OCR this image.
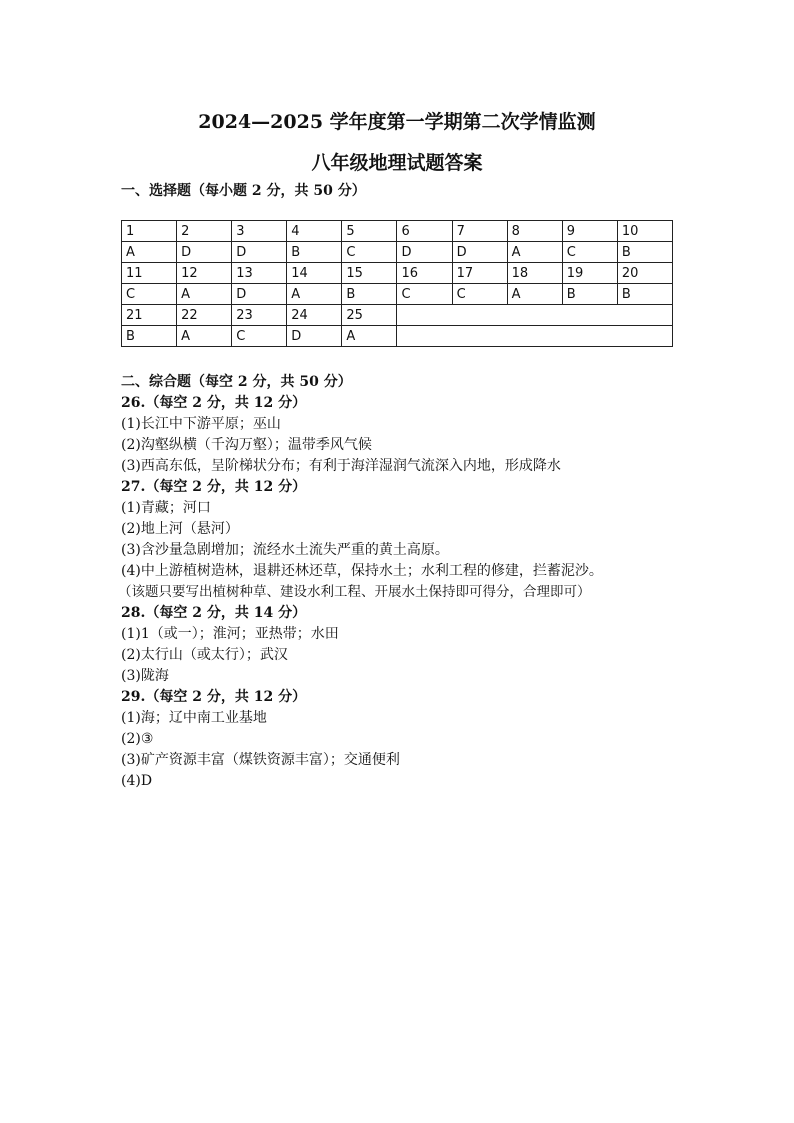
2024—2025 学年度第一学期第二次学情监测
八年级地理试题答案
一、选择题（每小题 2 分，共 50 分）
1	2	3	4	5	6	7	8	9	10
A	D	D	B	C	D	D	A	C	B
11	12	13	14	15	16	17	18	19	20
C	A	D	A	B	C	C	A	B	B
21	22	23	24	25					
B	A	C	D	A					
二、综合题（每空 2 分，共 50 分）
26.（每空 2 分，共 12 分）
(1)长江中下游平原；巫山
(2)沟壑纵横（千沟万壑）；温带季风气候
(3)西高东低，呈阶梯状分布；有利于海洋湿润气流深入内地，形成降水
27.（每空 2 分，共 12 分）
(1)青藏；河口
(2)地上河（悬河）
(3)含沙量急剧增加；流经水土流失严重的黄土高原。
(4)中上游植树造林，退耕还林还草，保持水土；水利工程的修建，拦蓄泥沙。
（该题只要写出植树种草、建设水利工程、开展水土保持即可得分，合理即可）
28.（每空 2 分，共 14 分）
(1)1（或一）；淮河；亚热带；水田
(2)太行山（或太行）；武汉
(3)陇海
29.（每空 2 分，共 12 分）
(1)海；辽中南工业基地
(2)③
(3)矿产资源丰富（煤铁资源丰富）；交通便利
(4)D
